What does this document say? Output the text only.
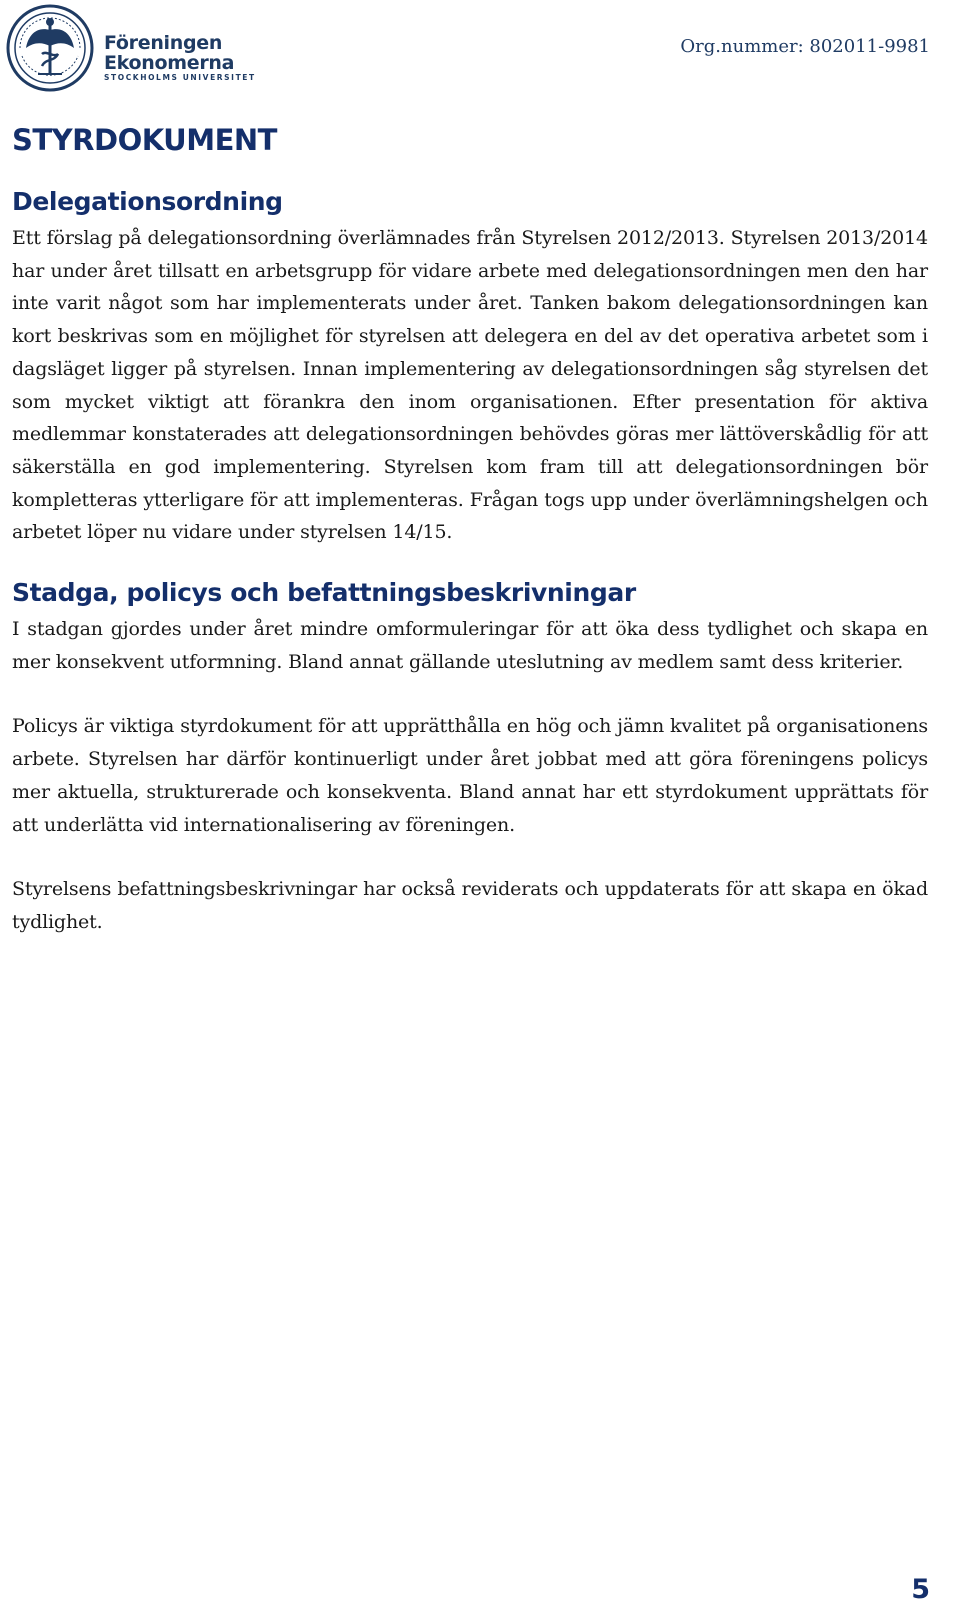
Föreningen
Ekonomerna
STOCKHOLMS UNIVERSITET
Org.nummer: 802011-9981
STYRDOKUMENT
Delegationsordning

Ett förslag på delegationsordning överlämnades från Styrelsen 2012/2013. Styrelsen 2013/2014 har under året tillsatt en arbetsgrupp för vidare arbete med delegationsordningen men den har inte varit något som har implementerats under året. Tanken bakom delegationsordningen kan kort beskrivas som en möjlighet för styrelsen att delegera en del av det operativa arbetet som i dagsläget ligger på styrelsen. Innan implementering av delegationsordningen såg styrelsen det som mycket viktigt att förankra den inom organisationen. Efter presentation för aktiva medlemmar konstaterades att delegationsordningen behövdes göras mer lättöverskådlig för att säkerställa en god implementering. Styrelsen kom fram till att delegationsordningen bör kompletteras ytterligare för att implementeras. Frågan togs upp under överlämningshelgen och arbetet löper nu vidare under styrelsen 14/15.

Stadga, policys och befattningsbeskrivningar

I stadgan gjordes under året mindre omformuleringar för att öka dess tydlighet och skapa en mer konsekvent utformning. Bland annat gällande uteslutning av medlem samt dess kriterier.

Policys är viktiga styrdokument för att upprätthålla en hög och jämn kvalitet på organisationens arbete. Styrelsen har därför kontinuerligt under året jobbat med att göra föreningens policys mer aktuella, strukturerade och konsekventa. Bland annat har ett styrdokument upprättats för att underlätta vid internationalisering av föreningen.

Styrelsens befattningsbeskrivningar har också reviderats och uppdaterats för att skapa en ökad tydlighet.

5
